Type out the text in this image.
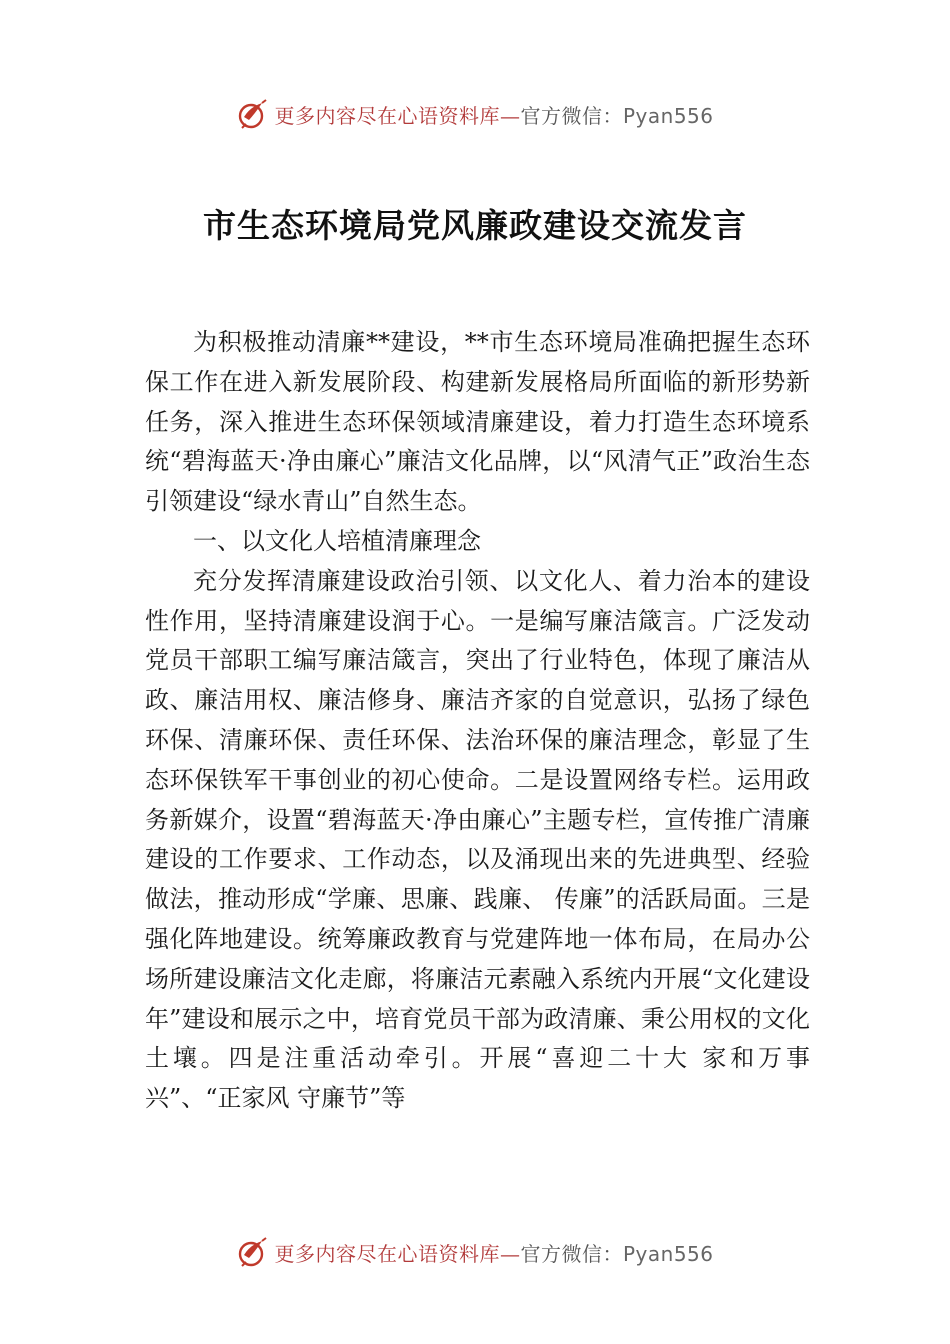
更多内容尽在心语资料库—官方微信：Pyan556
市生态环境局党风廉政建设交流发言

为积极推动清廉**建设，**市生态环境局准确把握生态环保工作在进入新发展阶段、构建新发展格局所面临的新形势新任务，深入推进生态环保领域清廉建设，着力打造生态环境系统“碧海蓝天·净由廉心”廉洁文化品牌，以“风清气正”政治生态引领建设“绿水青山”自然生态。

一、以文化人培植清廉理念

充分发挥清廉建设政治引领、以文化人、着力治本的建设性作用，坚持清廉建设润于心。一是编写廉洁箴言。广泛发动党员干部职工编写廉洁箴言，突出了行业特色，体现了廉洁从政、廉洁用权、廉洁修身、廉洁齐家的自觉意识，弘扬了绿色环保、清廉环保、责任环保、法治环保的廉洁理念，彰显了生态环保铁军干事创业的初心使命。二是设置网络专栏。运用政务新媒介，设置“碧海蓝天·净由廉心”主题专栏，宣传推广清廉建设的工作要求、工作动态，以及涌现出来的先进典型、经验做法，推动形成“学廉、思廉、践廉、 传廉”的活跃局面。三是强化阵地建设。统筹廉政教育与党建阵地一体布局，在局办公场所建设廉洁文化走廊，将廉洁元素融入系统内开展“文化建设年”建设和展示之中，培育党员干部为政清廉、秉公用权的文化土壤。四是注重活动牵引。开展“喜迎二十大 家和万事兴”、“正家风 守廉节”等

更多内容尽在心语资料库—官方微信：Pyan556
